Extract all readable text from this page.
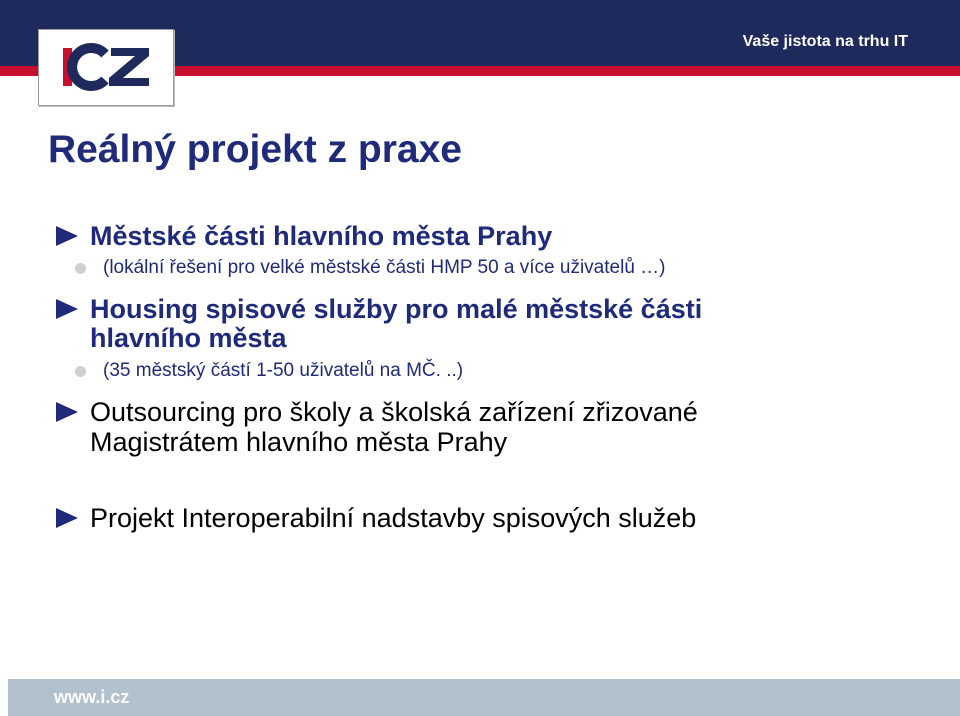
Vaše jistota na trhu IT
Reálný projekt z praxe
Městské části hlavního města Prahy
(lokální řešení pro velké městské části HMP 50 a více uživatelů …)
Housing spisové služby pro malé městské části
hlavního města
(35 městský částí 1-50 uživatelů na MČ. ..)
Outsourcing pro školy a školská zařízení zřizované
Magistrátem hlavního města Prahy
Projekt Interoperabilní nadstavby spisových služeb
www.i.cz
